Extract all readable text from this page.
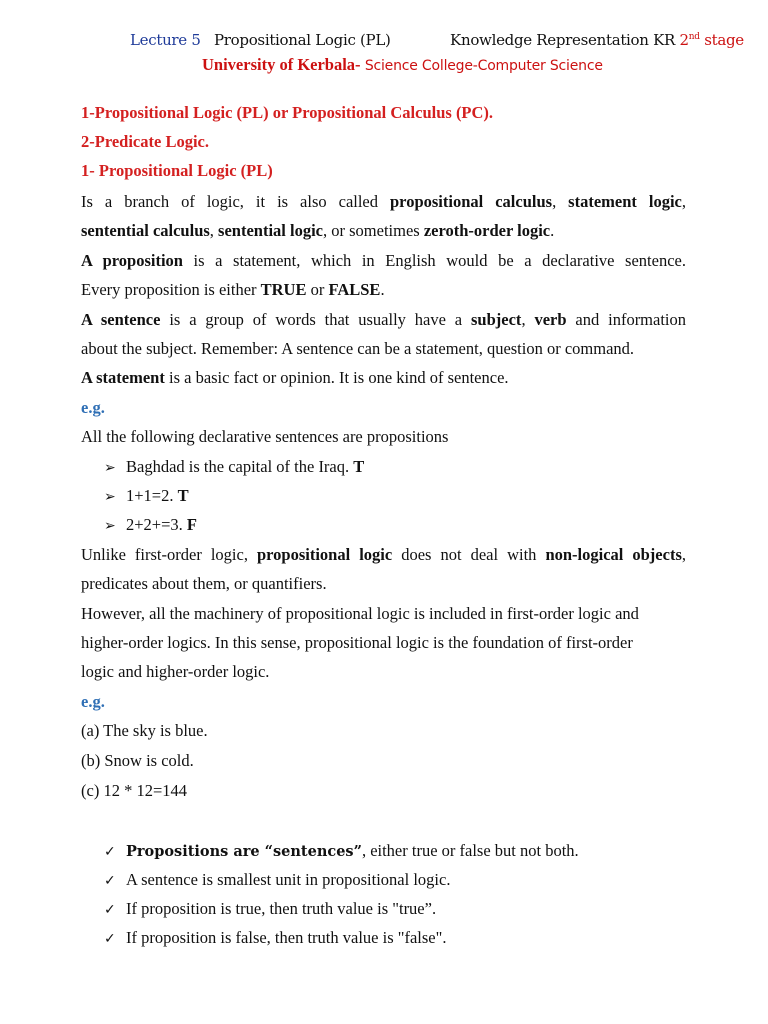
Lecture 5 Propositional Logic (PL)	Knowledge Representation KR 2nd stage
University of Kerbala- Science College-Computer Science
1-Propositional Logic (PL) or Propositional Calculus (PC).
2-Predicate Logic.
1- Propositional Logic (PL)
Is a branch of logic, it is also called propositional calculus, statement logic,
sentential calculus, sentential logic, or sometimes zeroth-order logic.
A proposition is a statement, which in English would be a declarative sentence.
Every proposition is either TRUE or FALSE.
A sentence is a group of words that usually have a subject, verb and information
about the subject. Remember: A sentence can be a statement, question or command.
A statement is a basic fact or opinion. It is one kind of sentence.
e.g.
All the following declarative sentences are propositions
➢ Baghdad is the capital of the Iraq. T
➢ 1+1=2. T
➢ 2+2+=3. F
Unlike first-order logic, propositional logic does not deal with non-logical objects,
predicates about them, or quantifiers.
However, all the machinery of propositional logic is included in first-order logic and
higher-order logics. In this sense, propositional logic is the foundation of first-order
logic and higher-order logic.
e.g.
(a) The sky is blue.
(b) Snow is cold.
(c) 12 * 12=144
✓ Propositions are “sentences”, either true or false but not both.
✓ A sentence is smallest unit in propositional logic.
✓ If proposition is true, then truth value is "true”.
✓ If proposition is false, then truth value is "false".
